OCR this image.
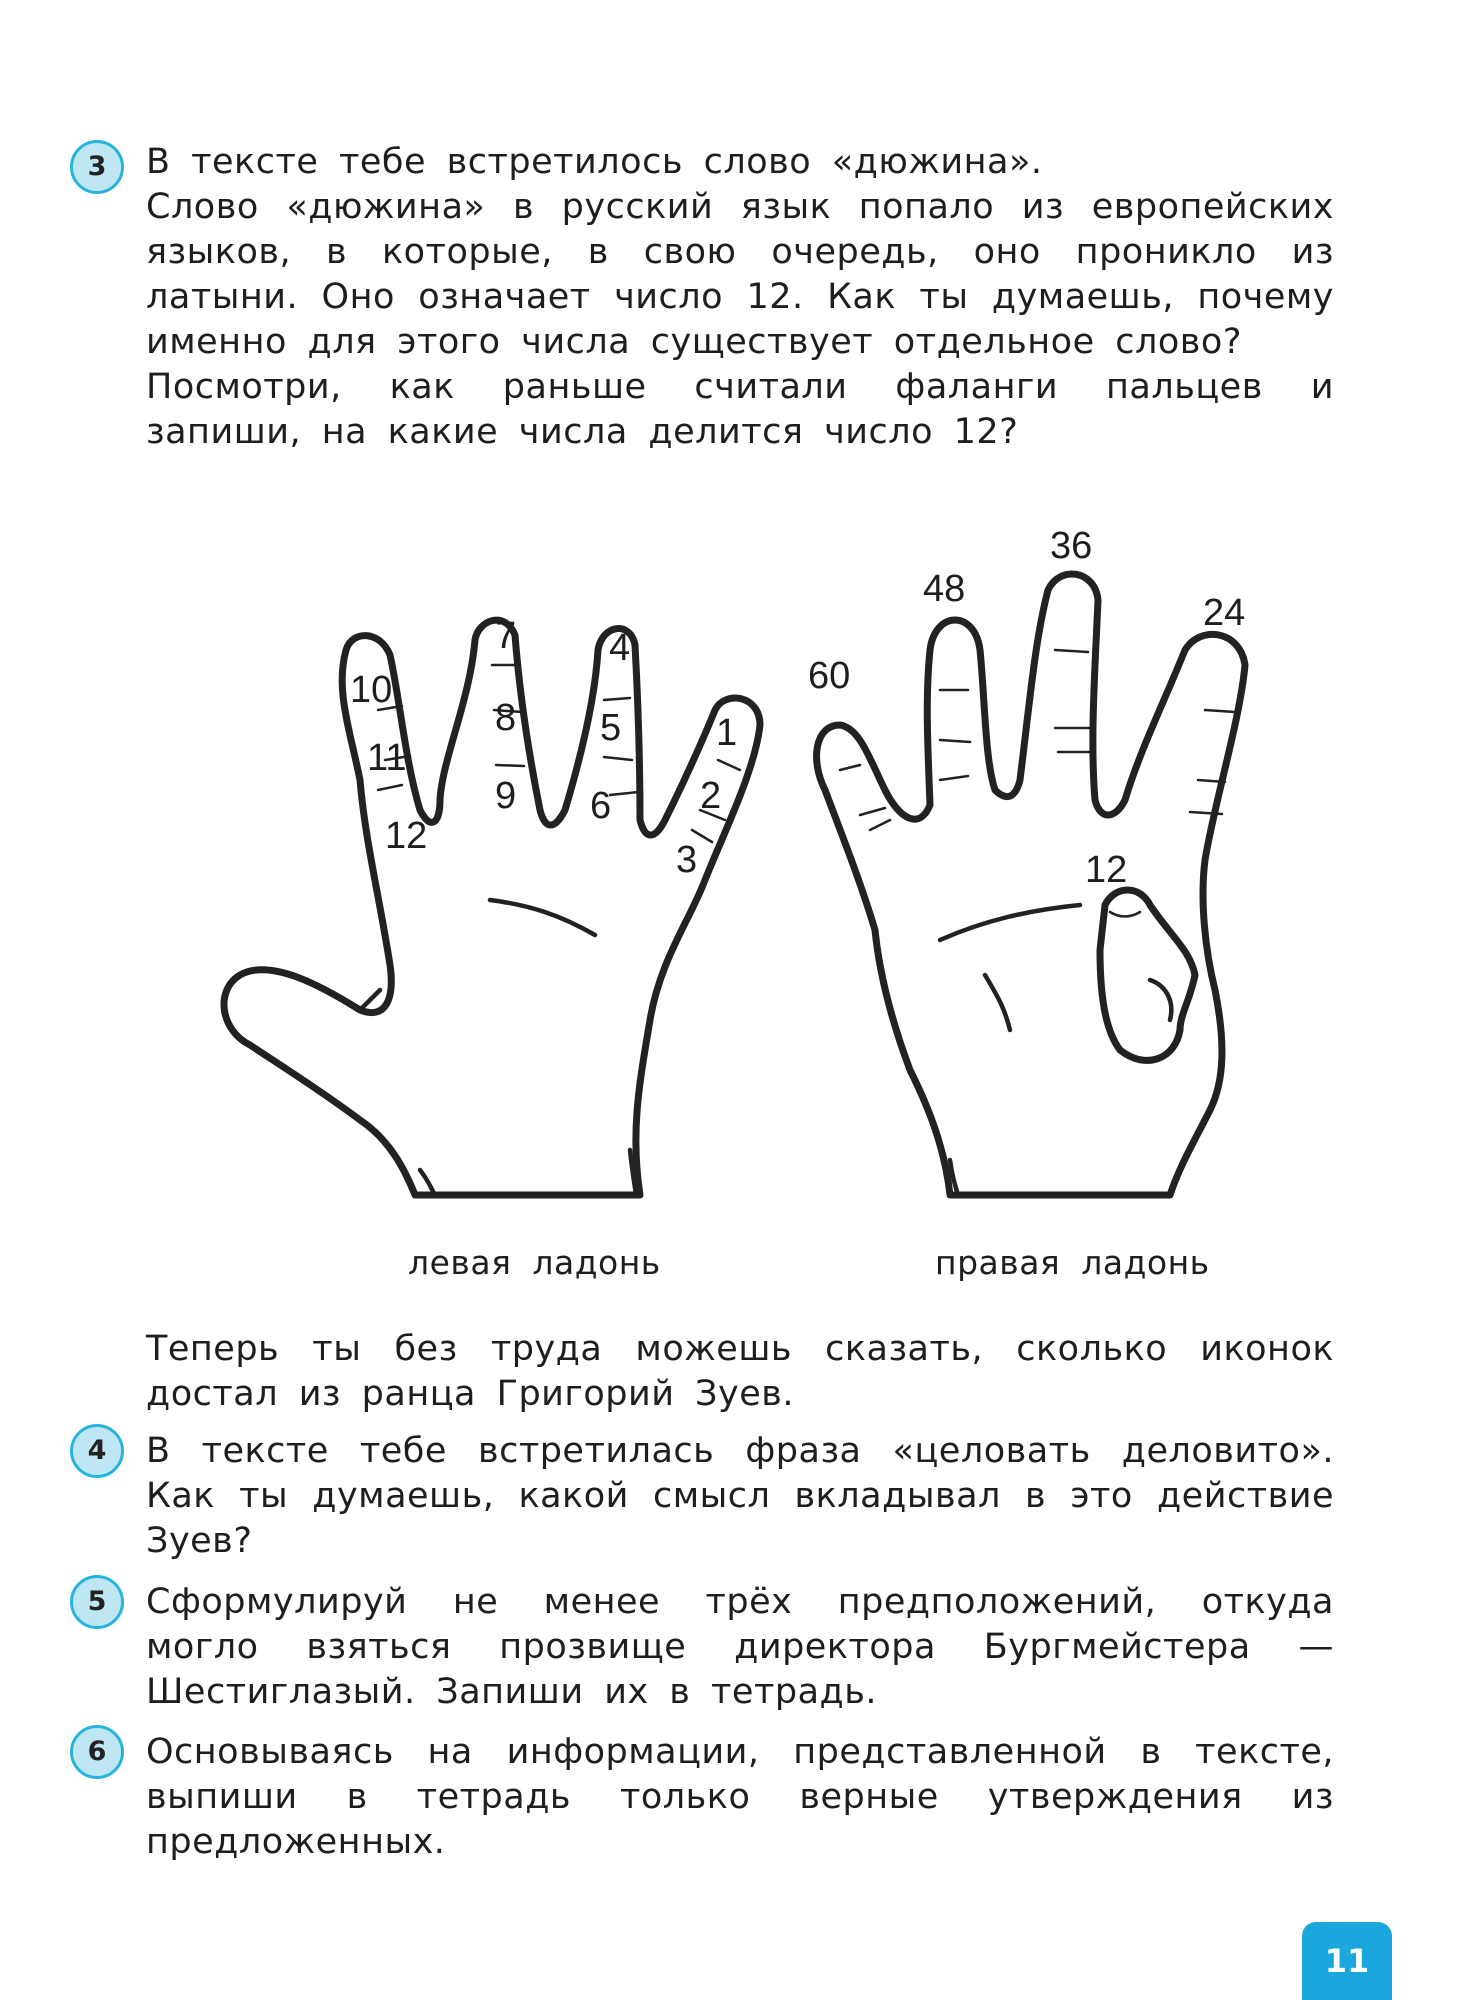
3	В тексте тебе встретилось слово «дюжина».

Слово «дюжина» в русский язык попало из европейских языков, в которые, в свою очередь, оно проникло из латыни. Оно означает число 12. Как ты думаешь, почему именно для этого числа существует отдельное слово?

Посмотри, как раньше считали фаланги пальцев и запиши, на какие числа делится число 12?

1
2
3
4
5
6
7
8
9
10
11
12
12
24
36
48
60
левая ладонь	правая ладонь

Теперь ты без труда можешь сказать, сколько иконок достал из ранца Григорий Зуев.

4	В тексте тебе встретилась фраза «целовать деловито». Как ты думаешь, какой смысл вкладывал в это действие Зуев?

5	Сформулируй не менее трёх предположений, откуда могло взяться прозвище директора Бургмейстера — Шестиглазый. Запиши их в тетрадь.

6	Основываясь на информации, представленной в тексте, выпиши в тетрадь только верные утверждения из предложенных.

11
